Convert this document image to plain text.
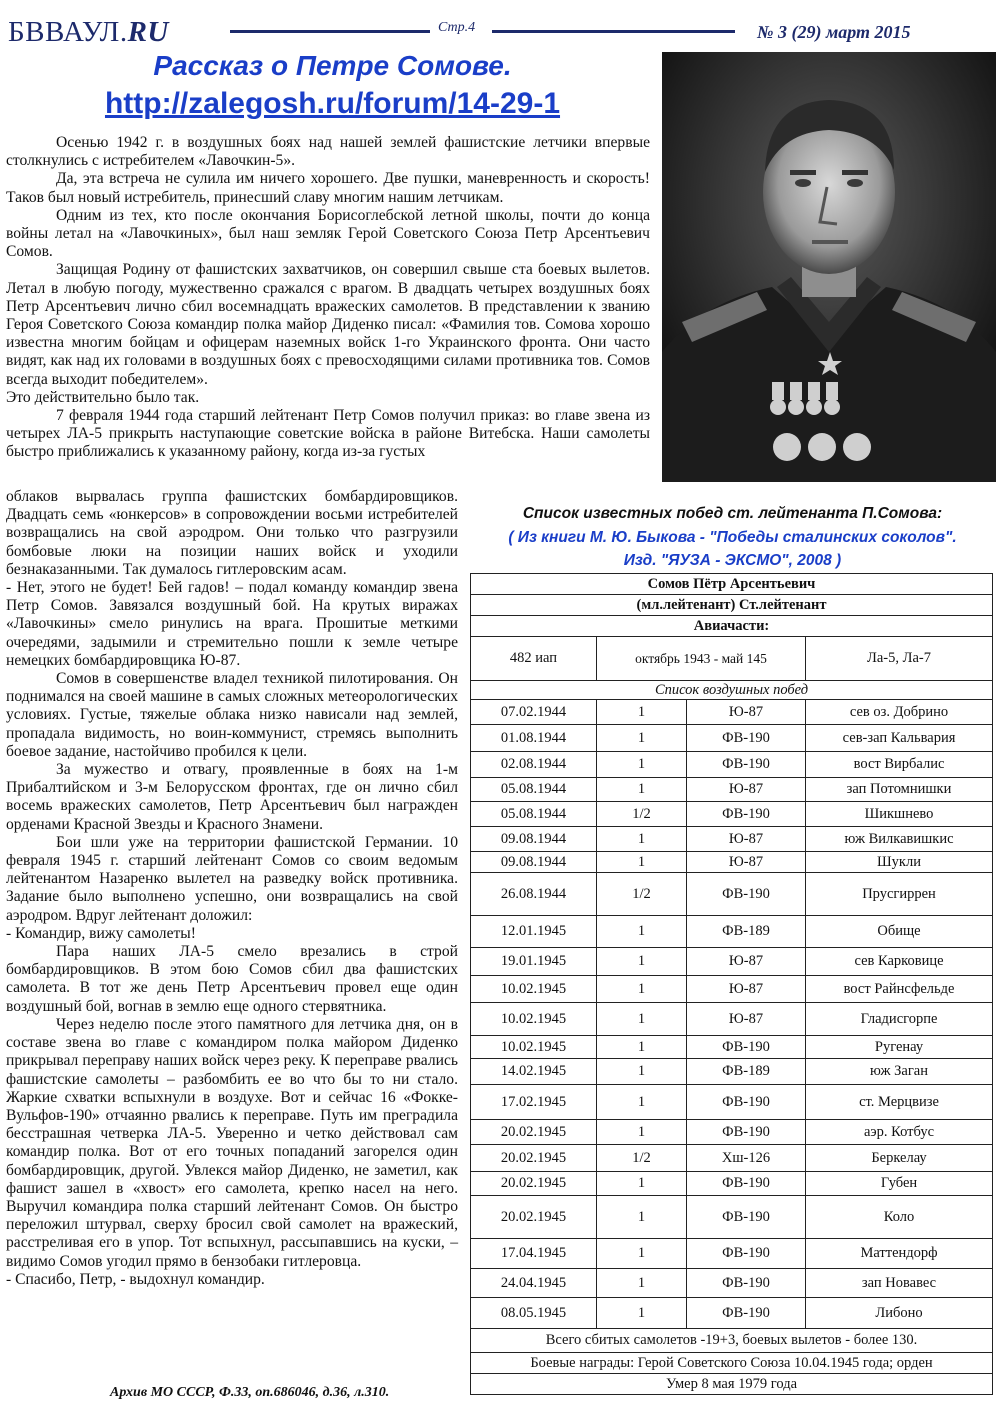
БВВАУЛ.RU	Стр.4	№ 3 (29) март 2015
Рассказ о Петре Сомове.
http://zalegosh.ru/forum/14-29-1

Осенью 1942 г. в воздушных боях над нашей землей фашистские летчики впервые столкнулись с истребителем «Лавочкин-5».

Да, эта встреча не сулила им ничего хорошего. Две пушки, маневренность и скорость! Таков был новый истребитель, принесший славу многим нашим летчикам.

Одним из тех, кто после окончания Борисоглебской летной школы, почти до конца войны летал на «Лавочкиных», был наш земляк Герой Советского Союза Петр Арсентьевич Сомов.

Защищая Родину от фашистских захватчиков, он совершил свыше ста боевых вылетов. Летал в любую погоду, мужественно сражался с врагом. В двадцать четырех воздушных боях Петр Арсентьевич лично сбил восемнадцать вражеских самолетов. В представлении к званию Героя Советского Союза командир полка майор Диденко писал: «Фамилия тов. Сомова хорошо известна многим бойцам и офицерам наземных войск 1-го Украинского фронта. Они часто видят, как над их головами в воздушных боях с превосходящими силами противника тов. Сомов всегда выходит победителем».

Это действительно было так.

7 февраля 1944 года старший лейтенант Петр Сомов получил приказ: во главе звена из четырех ЛА-5 прикрыть наступающие советские войска в районе Витебска. Наши самолеты быстро приближались к указанному району, когда из-за густых

облаков вырвалась группа фашистских бомбардировщиков. Двадцать семь «юнкерсов» в сопровождении восьми истребителей возвращались на свой аэродром. Они только что разгрузили бомбовые люки на позиции наших войск и уходили безнаказанными. Так думалось гитлеровским асам.

- Нет, этого не будет! Бей гадов! – подал команду командир звена Петр Сомов. Завязался воздушный бой. На крутых виражах «Лавочкины» смело ринулись на врага. Прошитые меткими очередями, задымили и стремительно пошли к земле четыре немецких бомбардировщика Ю-87.

Сомов в совершенстве владел техникой пилотирования. Он поднимался на своей машине в самых сложных метеорологических условиях. Густые, тяжелые облака низко нависали над землей, пропадала видимость, но воин-коммунист, стремясь выполнить боевое задание, настойчиво пробился к цели.

За мужество и отвагу, проявленные в боях на 1-м Прибалтийском и 3-м Белорусском фронтах, где он лично сбил восемь вражеских самолетов, Петр Арсентьевич был награжден орденами Красной Звезды и Красного Знамени.

Бои шли уже на территории фашистской Германии. 10 февраля 1945 г. старший лейтенант Сомов со своим ведомым лейтенантом Назаренко вылетел на разведку войск противника. Задание было выполнено успешно, они возвращались на свой аэродром. Вдруг лейтенант доложил:

- Командир, вижу самолеты!

Пара наших ЛА-5 смело врезались в строй бомбардировщиков. В этом бою Сомов сбил два фашистских самолета. В тот же день Петр Арсентьевич провел еще один воздушный бой, вогнав в землю еще одного стервятника.

Через неделю после этого памятного для летчика дня, он в составе звена во главе с командиром полка майором Диденко прикрывал переправу наших войск через реку. К переправе рвались фашистские самолеты – разбомбить ее во что бы то ни стало. Жаркие схватки вспыхнули в воздухе. Вот и сейчас 16 «Фокке-Вульфов-190» отчаянно рвались к переправе. Путь им преградила бесстрашная четверка ЛА-5. Уверенно и четко действовал сам командир полка. Вот от его точных попаданий загорелся один бомбардировщик, другой. Увлекся майор Диденко, не заметил, как фашист зашел в «хвост» его самолета, крепко насел на него. Выручил командира полка старший лейтенант Сомов. Он быстро переложил штурвал, сверху бросил свой самолет на вражеский, расстреливая его в упор. Тот вспыхнул, рассыпавшись на куски, – видимо Сомов угодил прямо в бензобаки гитлеровца.

- Спасибо, Петр, - выдохнул командир.

Архив МО СССР, Ф.33, оп.686046, д.36, л.310.
Список известных побед ст. лейтенанта П.Сомова:
( Из книги М. Ю. Быкова - "Победы сталинских соколов".
Изд. "ЯУЗА - ЭКСМО", 2008 )
Сомов Пётр Арсентьевич			
(мл.лейтенант) Ст.лейтенант			
Авиачасти:			
482 иап	октябрь 1943 - май 145		Ла-5, Ла-7
Список воздушных побед			
07.02.1944	1	Ю-87	сев оз. Добрино
01.08.1944	1	ФВ-190	сев-зап Кальвария
02.08.1944	1	ФВ-190	вост Вирбалис
05.08.1944	1	Ю-87	зап Потомнишки
05.08.1944	1/2	ФВ-190	Шикшнево
09.08.1944	1	Ю-87	юж Вилкавишкис
09.08.1944	1	Ю-87	Шукли
26.08.1944	1/2	ФВ-190	Прусгиррен
12.01.1945	1	ФВ-189	Обище
19.01.1945	1	Ю-87	сев Карковице
10.02.1945	1	Ю-87	вост Райнсфельде
10.02.1945	1	Ю-87	Гладисгорпе
10.02.1945	1	ФВ-190	Ругенау
14.02.1945	1	ФВ-189	юж Заган
17.02.1945	1	ФВ-190	ст. Мерцвизе
20.02.1945	1	ФВ-190	аэр. Котбус
20.02.1945	1/2	Хш-126	Беркелау
20.02.1945	1	ФВ-190	Губен
20.02.1945	1	ФВ-190	Коло
17.04.1945	1	ФВ-190	Маттендорф
24.04.1945	1	ФВ-190	зап Новавес
08.05.1945	1	ФВ-190	Либоно
Всего сбитых самолетов -19+3, боевых вылетов - более 130.			
Боевые награды: Герой Советского Союза 10.04.1945 года; орден			
Умер 8 мая 1979 года			
